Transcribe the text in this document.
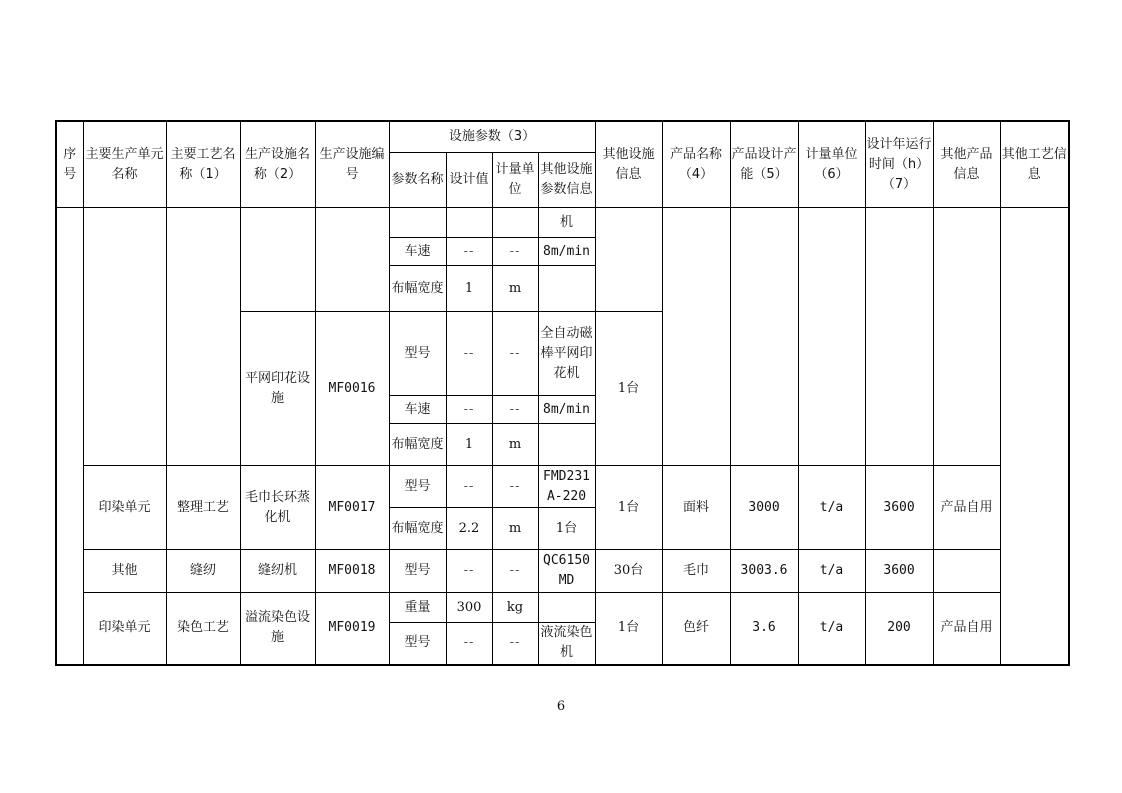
序号	主要生产单元名称	主要工艺名称（1）	生产设施名称（2）	生产设施编号	设施参数（3）				其他设施信息	产品名称（4）	产品设计产能（5）	计量单位（6）	设计年运行时间（h）（7）	其他产品信息	其他工艺信息
					参数名称	设计值	计量单位	其他设施参数信息							
								机							
					车速	--	--	8m/min							
					布幅宽度	1	m								
			平网印花设施	MF0016	型号	--	--	全自动磁棒平网印花机	1台						
					车速	--	--	8m/min							
					布幅宽度	1	m								
	印染单元	整理工艺	毛巾长环蒸化机	MF0017	型号	--	--	FMD231A-220	1台	面料	3000	t/a	3600	产品自用	
					布幅宽度	2.2	m	1台							
	其他	缝纫	缝纫机	MF0018	型号	--	--	QC6150MD	30台	毛巾	3003.6	t/a	3600		
	印染单元	染色工艺	溢流染色设施	MF0019	重量	300	kg		1台	色纤	3.6	t/a	200	产品自用	
					型号	--	--	液流染色机							
6
